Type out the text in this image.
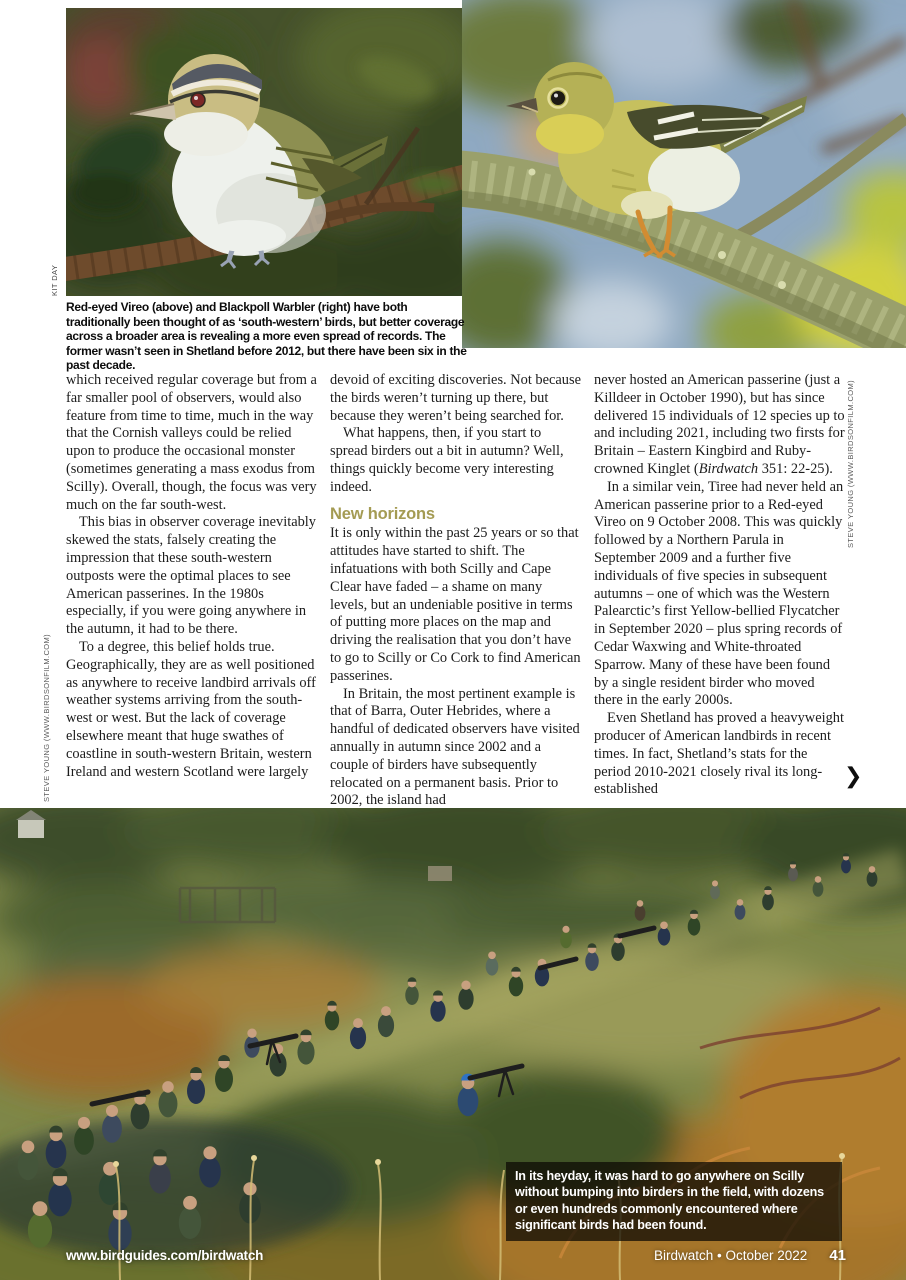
KIT DAY
STEVE YOUNG (WWW.BIRDSONFILM.COM)
STEVE YOUNG (WWW.BIRDSONFILM.COM)
Red-eyed Vireo (above) and Blackpoll Warbler (right) have both traditionally been thought of as ‘south-western’ birds, but better coverage across a broader area is revealing a more even spread of records. The former wasn’t seen in Shetland before 2012, but there have been six in the past decade.

which received regular coverage but from a far smaller pool of observers, would also feature from time to time, much in the way that the Cornish valleys could be relied upon to produce the occasional monster (sometimes generating a mass exodus from Scilly). Overall, though, the focus was very much on the far south-west.

This bias in observer coverage inevitably skewed the stats, falsely creating the impression that these south-western outposts were the optimal places to see American passerines. In the 1980s especially, if you were going anywhere in the autumn, it had to be there.

To a degree, this belief holds true. Geographically, they are as well positioned as anywhere to receive landbird arrivals off weather systems arriving from the south-west or west. But the lack of coverage elsewhere meant that huge swathes of coastline in south-western Britain, western Ireland and western Scotland were largely

devoid of exciting discoveries. Not because the birds weren’t turning up there, but because they weren’t being searched for.

What happens, then, if you start to spread birders out a bit in autumn? Well, things quickly become very interesting indeed.

New horizons

It is only within the past 25 years or so that attitudes have started to shift. The infatuations with both Scilly and Cape Clear have faded – a shame on many levels, but an undeniable positive in terms of putting more places on the map and driving the realisation that you don’t have to go to Scilly or Co Cork to find American passerines.

In Britain, the most pertinent example is that of Barra, Outer Hebrides, where a handful of dedicated observers have visited annually in autumn since 2002 and a couple of birders have subsequently relocated on a permanent basis. Prior to 2002, the island had

never hosted an American passerine (just a Killdeer in October 1990), but has since delivered 15 individuals of 12 species up to and including 2021, including two firsts for Britain – Eastern Kingbird and Ruby-crowned Kinglet (Birdwatch 351: 22-25).

In a similar vein, Tiree had never held an American passerine prior to a Red-eyed Vireo on 9 October 2008. This was quickly followed by a Northern Parula in September 2009 and a further five individuals of five species in subsequent autumns – one of which was the Western Palearctic’s first Yellow-bellied Flycatcher in September 2020 – plus spring records of Cedar Waxwing and White-throated Sparrow. Many of these have been found by a single resident birder who moved there in the early 2000s.

Even Shetland has proved a heavyweight producer of American landbirds in recent times. In fact, Shetland’s stats for the period 2010-2021 closely rival its long-established

❯
In its heyday, it was hard to go anywhere on Scilly without bumping into birders in the field, with dozens or even hundreds commonly encountered where significant birds had been found.
www.birdguides.com/birdwatch	Birdwatch • October 2022 41
